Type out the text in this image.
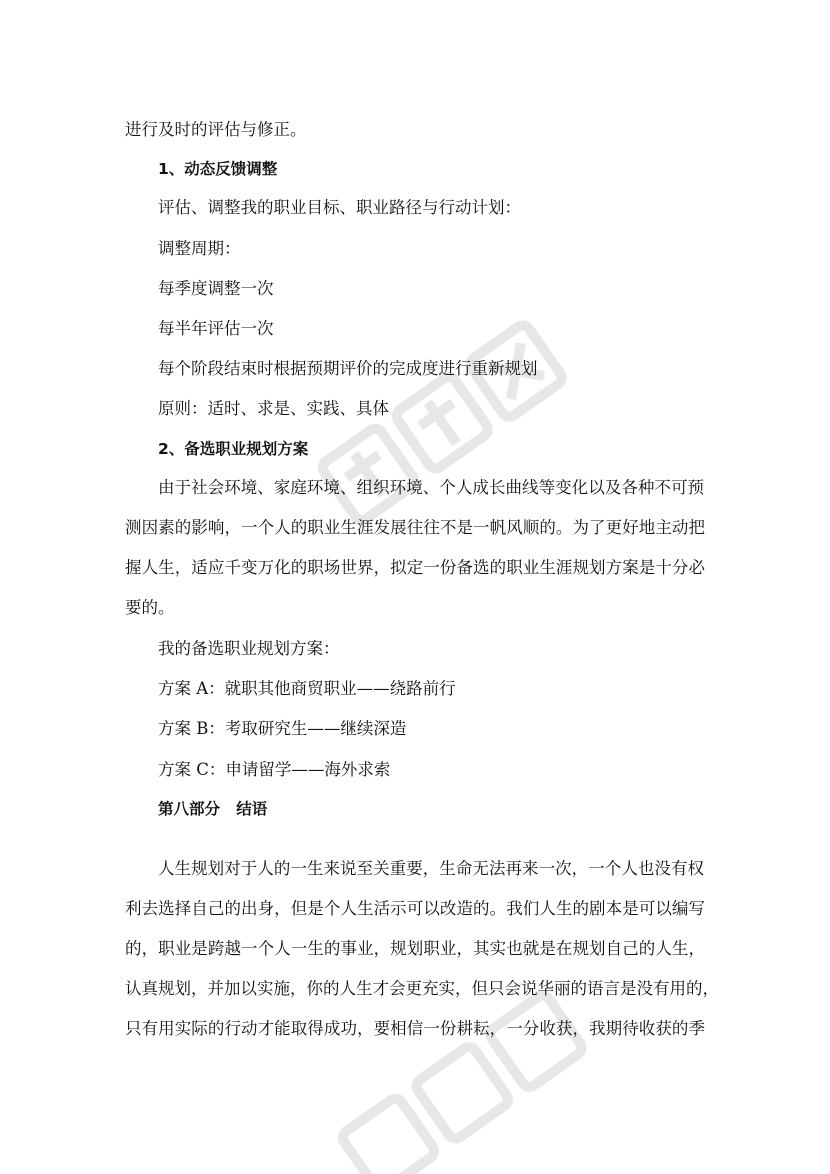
进行及时的评估与修正。

1、动态反馈调整

评估、调整我的职业目标、职业路径与行动计划：

调整周期：

每季度调整一次

每半年评估一次

每个阶段结束时根据预期评价的完成度进行重新规划

原则：适时、求是、实践、具体

2、备选职业规划方案

由于社会环境、家庭环境、组织环境、个人成长曲线等变化以及各种不可预

测因素的影响，一个人的职业生涯发展往往不是一帆风顺的。为了更好地主动把

握人生，适应千变万化的职场世界，拟定一份备选的职业生涯规划方案是十分必

要的。

我的备选职业规划方案：

方案 A：就职其他商贸职业——绕路前行

方案 B：考取研究生——继续深造

方案 C：申请留学——海外求索

第八部分   结语

人生规划对于人的一生来说至关重要，生命无法再来一次，一个人也没有权

利去选择自己的出身，但是个人生活示可以改造的。我们人生的剧本是可以编写

的，职业是跨越一个人一生的事业，规划职业，其实也就是在规划自己的人生，

认真规划，并加以实施，你的人生才会更充实，但只会说华丽的语言是没有用的，

只有用实际的行动才能取得成功，要相信一份耕耘，一分收获，我期待收获的季
